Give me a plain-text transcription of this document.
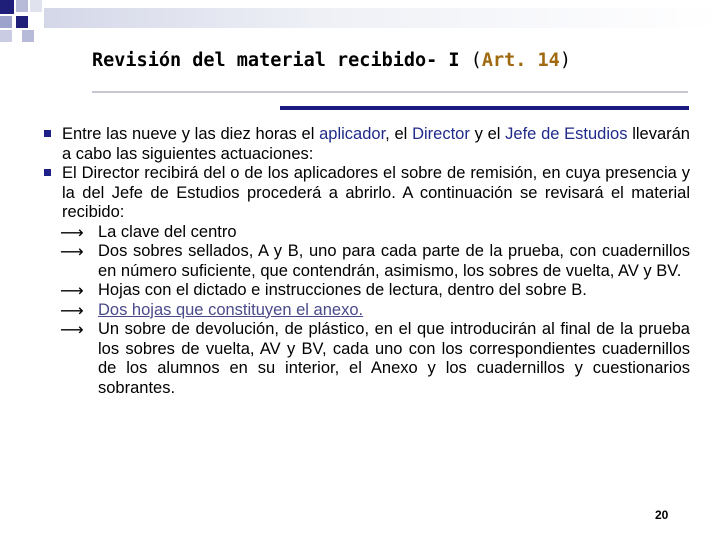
Revisión del material recibido- I (Art. 14)
Entre las nueve y las diez horas el aplicador, el Director y el Jefe de Estudios llevarán a cabo las siguientes actuaciones:
El Director recibirá del o de los aplicadores el sobre de remisión, en cuya presencia y la del Jefe de Estudios procederá a abrirlo. A continuación se revisará el material recibido:
⟶ La clave del centro
⟶ Dos sobres sellados, A y B, uno para cada parte de la prueba, con cuadernillos en número suficiente, que contendrán, asimismo, los sobres de vuelta, AV y BV.
⟶ Hojas con el dictado e instrucciones de lectura, dentro del sobre B.
⟶ Dos hojas que constituyen el anexo.
⟶ Un sobre de devolución, de plástico, en el que introducirán al final de la prueba los sobres de vuelta, AV y BV, cada uno con los correspondientes cuadernillos de los alumnos en su interior, el Anexo y los cuadernillos y cuestionarios sobrantes.
20
